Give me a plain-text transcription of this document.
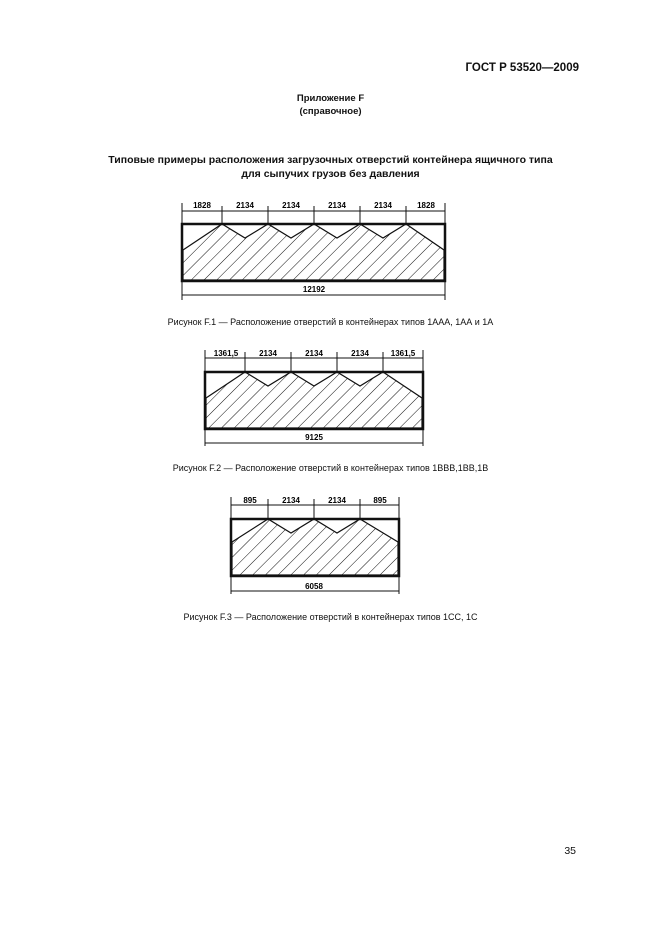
ГОСТ Р 53520—2009
Приложение F
(справочное)
Типовые примеры расположения загрузочных отверстий контейнера ящичного типа
для сыпучих грузов без давления
1828	2134	2134	2134	2134	1828
12192
1361,5	2134	2134	2134	1361,5
9125
895	2134	2134	895
6058
Рисунок F.1 — Расположение отверстий в контейнерах типов 1ААА, 1АА и 1А
Рисунок F.2 — Расположение отверстий в контейнерах типов 1BBB,1BB,1B
Рисунок F.3 — Расположение отверстий в контейнерах типов 1CC, 1C
35
